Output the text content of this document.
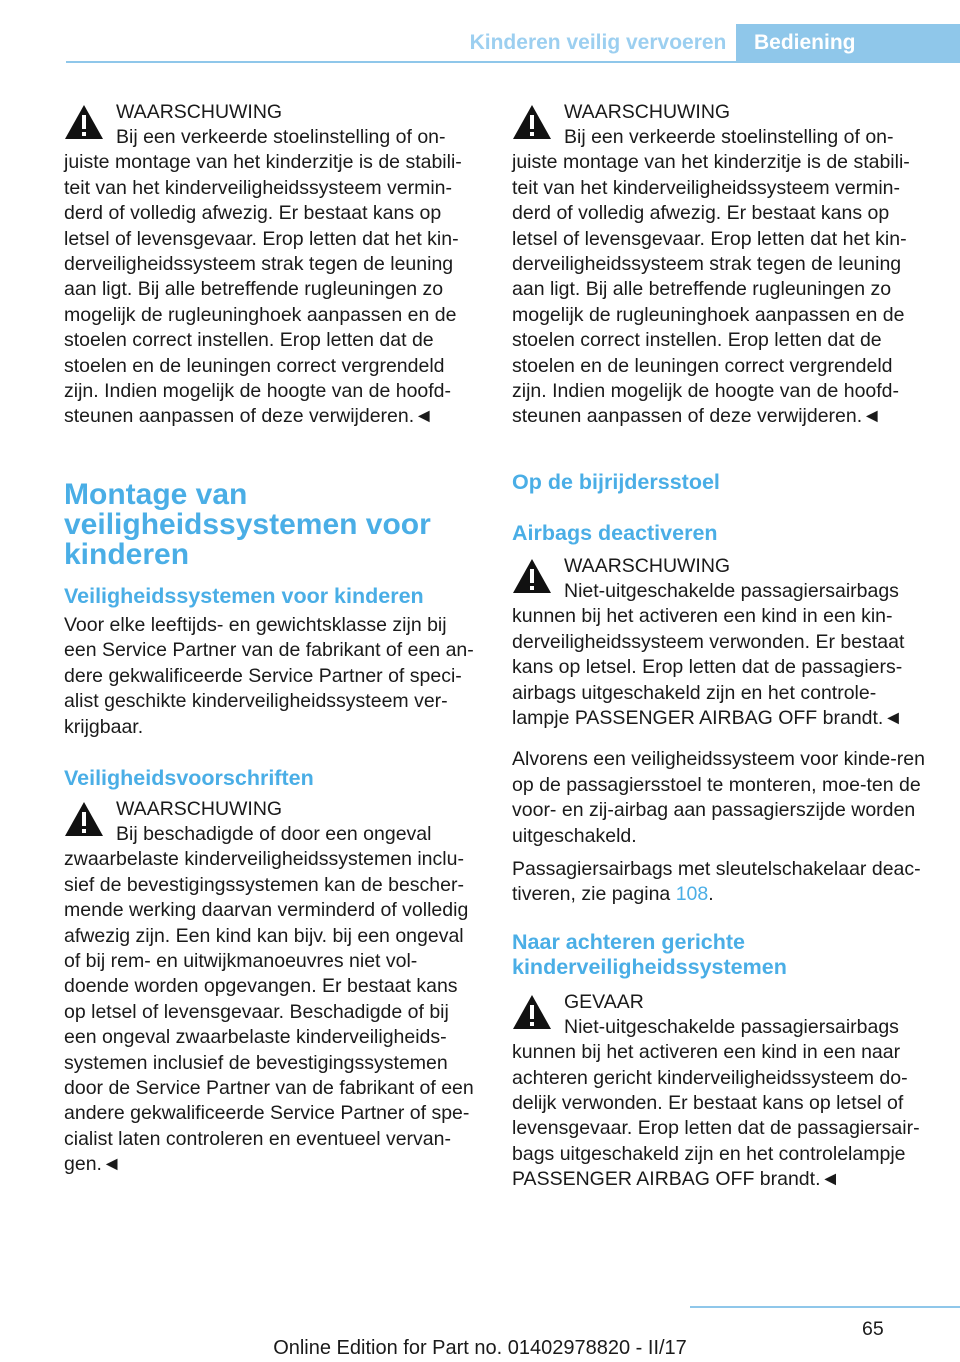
Kinderen veilig vervoeren	Bediening
WAARSCHUWING
Bij een verkeerde stoelinstelling of on-juiste montage van het kinderzitje is de stabili-teit van het kinderveiligheidssysteem vermin-derd of volledig afwezig. Er bestaat kans op letsel of levensgevaar. Erop letten dat het kin-derveiligheidssysteem strak tegen de leuning aan ligt. Bij alle betreffende rugleuningen zo mogelijk de rugleuninghoek aanpassen en de stoelen correct instellen. Erop letten dat de stoelen en de leuningen correct vergrendeld zijn. Indien mogelijk de hoogte van de hoofd-steunen aanpassen of deze verwijderen.◄
Montage van veiligheidssystemen voor kinderen
Veiligheidssystemen voor kinderen

Voor elke leeftijds- en gewichtsklasse zijn bij een Service Partner van de fabrikant of een an-dere gekwalificeerde Service Partner of speci-alist geschikte kinderveiligheidssysteem ver-krijgbaar.

Veiligheidsvoorschriften
WAARSCHUWING
Bij beschadigde of door een ongeval zwaarbelaste kinderveiligheidssystemen inclu-sief de bevestigingssystemen kan de bescher-mende werking daarvan verminderd of volledig afwezig zijn. Een kind kan bijv. bij een ongeval of bij rem- en uitwijkmanoeuvres niet vol-doende worden opgevangen. Er bestaat kans op letsel of levensgevaar. Beschadigde of bij een ongeval zwaarbelaste kinderveiligheids-systemen inclusief de bevestigingssystemen door de Service Partner van de fabrikant of een andere gekwalificeerde Service Partner of spe-cialist laten controleren en eventueel vervan-gen.◄
WAARSCHUWING
Bij een verkeerde stoelinstelling of on-juiste montage van het kinderzitje is de stabili-teit van het kinderveiligheidssysteem vermin-derd of volledig afwezig. Er bestaat kans op letsel of levensgevaar. Erop letten dat het kin-derveiligheidssysteem strak tegen de leuning aan ligt. Bij alle betreffende rugleuningen zo mogelijk de rugleuninghoek aanpassen en de stoelen correct instellen. Erop letten dat de stoelen en de leuningen correct vergrendeld zijn. Indien mogelijk de hoogte van de hoofd-steunen aanpassen of deze verwijderen.◄
Op de bijrijdersstoel
Airbags deactiveren
WAARSCHUWING
Niet-uitgeschakelde passagiersairbags kunnen bij het activeren een kind in een kin-derveiligheidssysteem verwonden. Er bestaat kans op letsel. Erop letten dat de passagiers-airbags uitgeschakeld zijn en het controle-lampje PASSENGER AIRBAG OFF brandt.◄

Alvorens een veiligheidssysteem voor kinde-ren op de passagiersstoel te monteren, moe-ten de voor- en zij-airbag aan passagierszijde worden uitgeschakeld.

Passagiersairbags met sleutelschakelaar deac-tiveren, zie pagina 108.

Naar achteren gerichte kinderveiligheidssystemen
GEVAAR
Niet-uitgeschakelde passagiersairbags kunnen bij het activeren een kind in een naar achteren gericht kinderveiligheidssysteem do-delijk verwonden. Er bestaat kans op letsel of levensgevaar. Erop letten dat de passagiersair-bags uitgeschakeld zijn en het controlelampje PASSENGER AIRBAG OFF brandt.◄
65
Online Edition for Part no. 01402978820 - II/17
